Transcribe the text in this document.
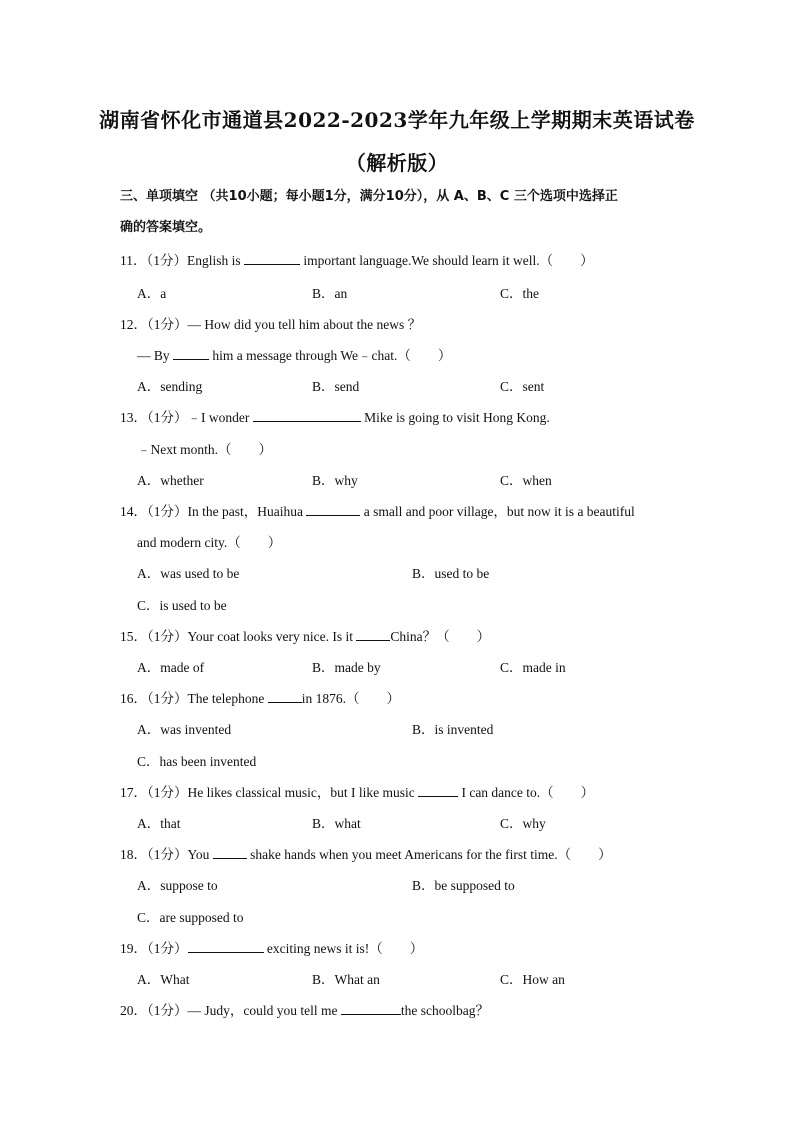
湖南省怀化市通道县2022-2023学年九年级上学期期末英语试卷
（解析版）
三、单项填空 （共10小题；每小题1分，满分10分），从 A、B、C 三个选项中选择正
确的答案填空。
11．（1分）English is	important language.We should learn it well.（　　）
A．a	B．an	C．the
12．（1分）— How did you tell him about the news ？
— By	him a message through We﹣chat.（　　）
A．sending	B．send	C．sent
13．（1分）﹣I wonder	Mike is going to visit Hong Kong.
﹣Next month.（　　）
A．whether	B．why	C．when
14．（1分）In the past，Huaihua	a small and poor village，but now it is a beautiful
and modern city.（　　）
A．was used to be	B．used to be
C．is used to be
15．（1分）Your coat looks very nice. Is it	China？（　　）
A．made of	B．made by	C．made in
16．（1分）The telephone	in 1876.（　　）
A．was invented	B．is invented
C．has been invented
17．（1分）He likes classical music，but I like music	I can dance to.（　　）
A．that	B．what	C．why
18．（1分）You	shake hands when you meet Americans for the first time.（　　）
A．suppose to	B．be supposed to
C．are supposed to
19．（1分）	exciting news it is!（　　）
A．What	B．What an	C．How an
20．（1分）— Judy，could you tell me	the schoolbag？
